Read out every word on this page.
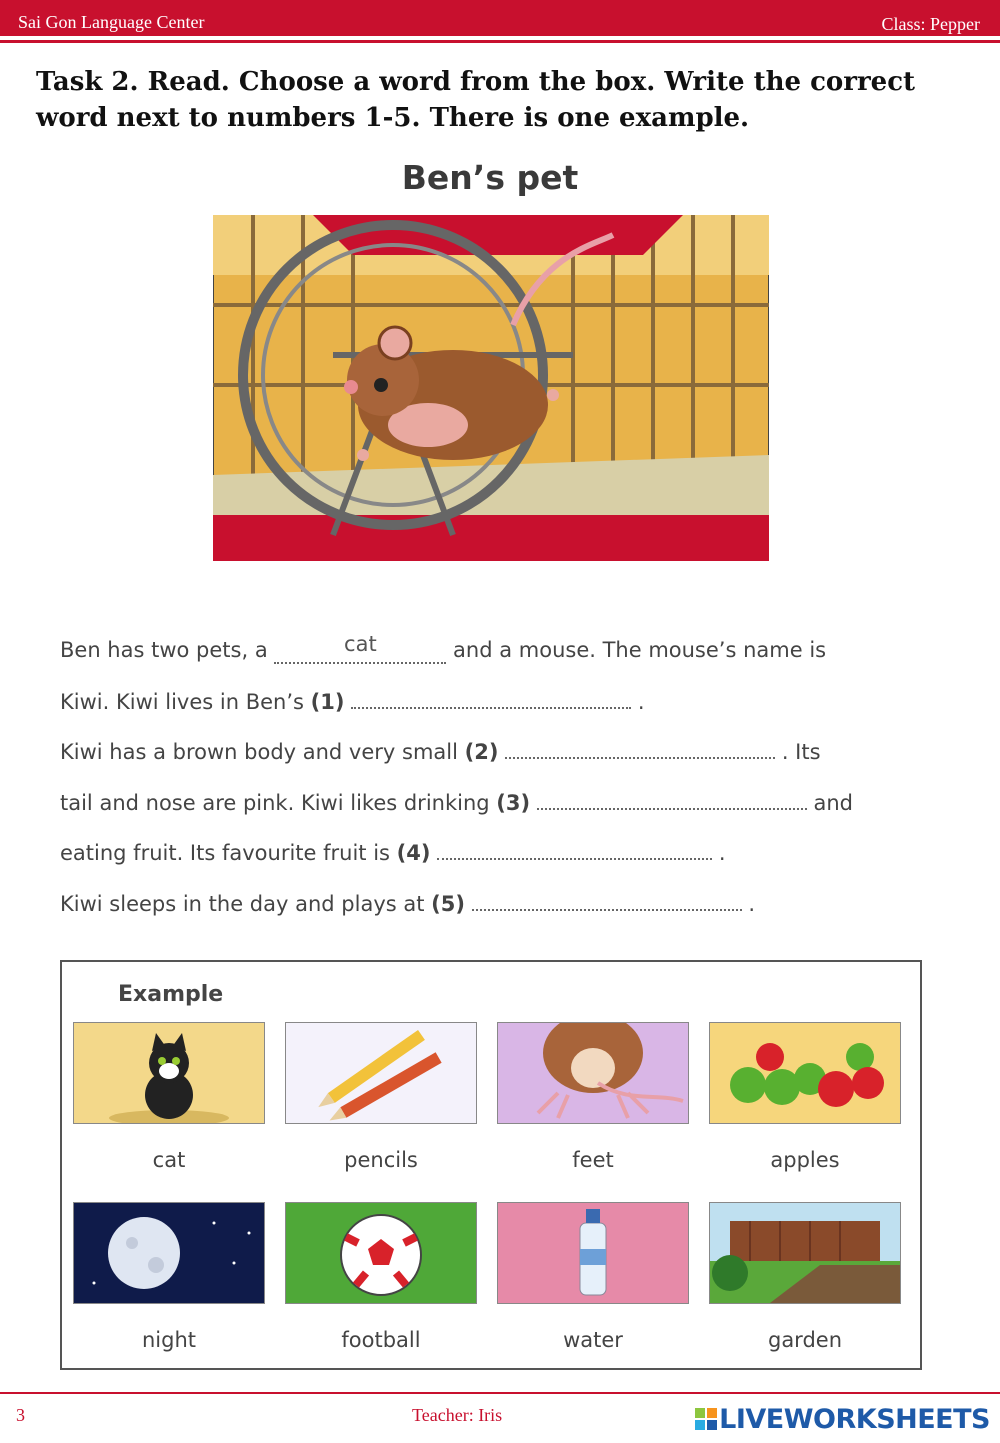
Sai Gon Language Center	Class: Pepper
Task 2. Read. Choose a word from the box. Write the correct word next to numbers 1-5. There is one example.
Ben’s pet
Ben has two pets, a	cat	and a mouse. The mouse’s name is
Kiwi. Kiwi lives in Ben’s (1)	.
Kiwi has a brown body and very small (2)	. Its
tail and nose are pink. Kiwi likes drinking (3)	and
eating fruit. Its favourite fruit is (4)	.
Kiwi sleeps in the day and plays at (5)	.
Example
cat	pencils	feet	apples
night	football	water	garden
3	Teacher: Iris	LIVEWORKSHEETS
